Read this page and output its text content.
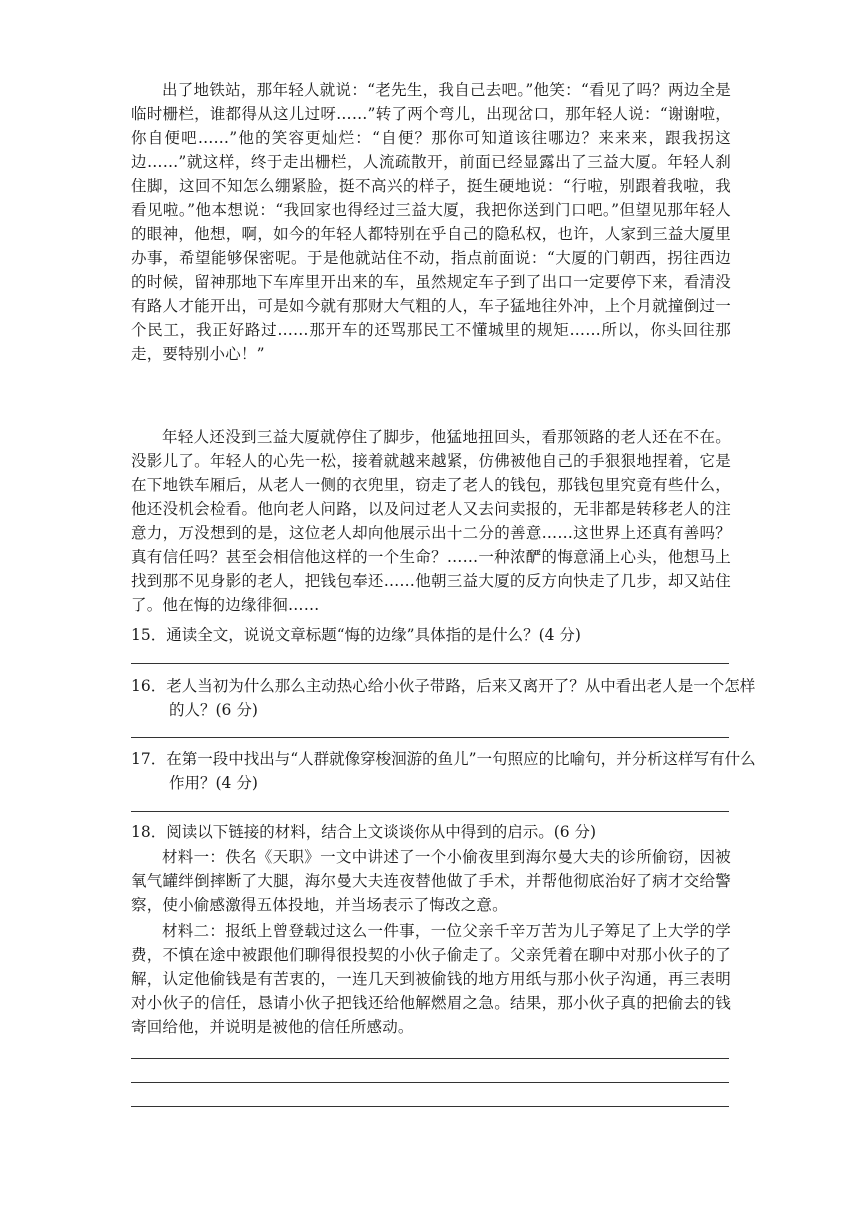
出了地铁站，那年轻人就说：“老先生，我自己去吧。”他笑：“看见了吗？两边全是临时栅栏，谁都得从这儿过呀……”转了两个弯儿，出现岔口，那年轻人说：“谢谢啦，你自便吧……”他的笑容更灿烂：“自便？那你可知道该往哪边？来来来，跟我拐这边……”就这样，终于走出栅栏，人流疏散开，前面已经显露出了三益大厦。年轻人刹住脚，这回不知怎么绷紧脸，挺不高兴的样子，挺生硬地说：“行啦，别跟着我啦，我看见啦。”他本想说：“我回家也得经过三益大厦，我把你送到门口吧。”但望见那年轻人的眼神，他想，啊，如今的年轻人都特别在乎自己的隐私权，也许，人家到三益大厦里办事，希望能够保密呢。于是他就站住不动，指点前面说：“大厦的门朝西，拐往西边的时候，留神那地下车库里开出来的车，虽然规定车子到了出口一定要停下来，看清没有路人才能开出，可是如今就有那财大气粗的人，车子猛地往外冲，上个月就撞倒过一个民工，我正好路过……那开车的还骂那民工不懂城里的规矩……所以，你头回往那走，要特别小心！”

年轻人还没到三益大厦就停住了脚步，他猛地扭回头，看那领路的老人还在不在。没影儿了。年轻人的心先一松，接着就越来越紧，仿佛被他自己的手狠狠地捏着，它是在下地铁车厢后，从老人一侧的衣兜里，窃走了老人的钱包，那钱包里究竟有些什么，他还没机会检看。他向老人问路，以及问过老人又去问卖报的，无非都是转移老人的注意力，万没想到的是，这位老人却向他展示出十二分的善意……这世界上还真有善吗？真有信任吗？甚至会相信他这样的一个生命？……一种浓酽的悔意涌上心头，他想马上找到那不见身影的老人，把钱包奉还……他朝三益大厦的反方向快走了几步，却又站住了。他在悔的边缘徘徊……

15．通读全文，说说文章标题“悔的边缘”具体指的是什么？(4 分)

16．老人当初为什么那么主动热心给小伙子带路，后来又离开了？从中看出老人是一个怎样的人？(6 分)

17．在第一段中找出与“人群就像穿梭洄游的鱼儿”一句照应的比喻句，并分析这样写有什么作用？(4 分)

18．阅读以下链接的材料，结合上文谈谈你从中得到的启示。(6 分)

材料一：佚名《天职》一文中讲述了一个小偷夜里到海尔曼大夫的诊所偷窃，因被氧气罐绊倒摔断了大腿，海尔曼大夫连夜替他做了手术，并帮他彻底治好了病才交给警察，使小偷感激得五体投地，并当场表示了悔改之意。

材料二：报纸上曾登载过这么一件事，一位父亲千辛万苦为儿子筹足了上大学的学费，不慎在途中被跟他们聊得很投契的小伙子偷走了。父亲凭着在聊中对那小伙子的了解，认定他偷钱是有苦衷的，一连几天到被偷钱的地方用纸与那小伙子沟通，再三表明对小伙子的信任，恳请小伙子把钱还给他解燃眉之急。结果，那小伙子真的把偷去的钱寄回给他，并说明是被他的信任所感动。
